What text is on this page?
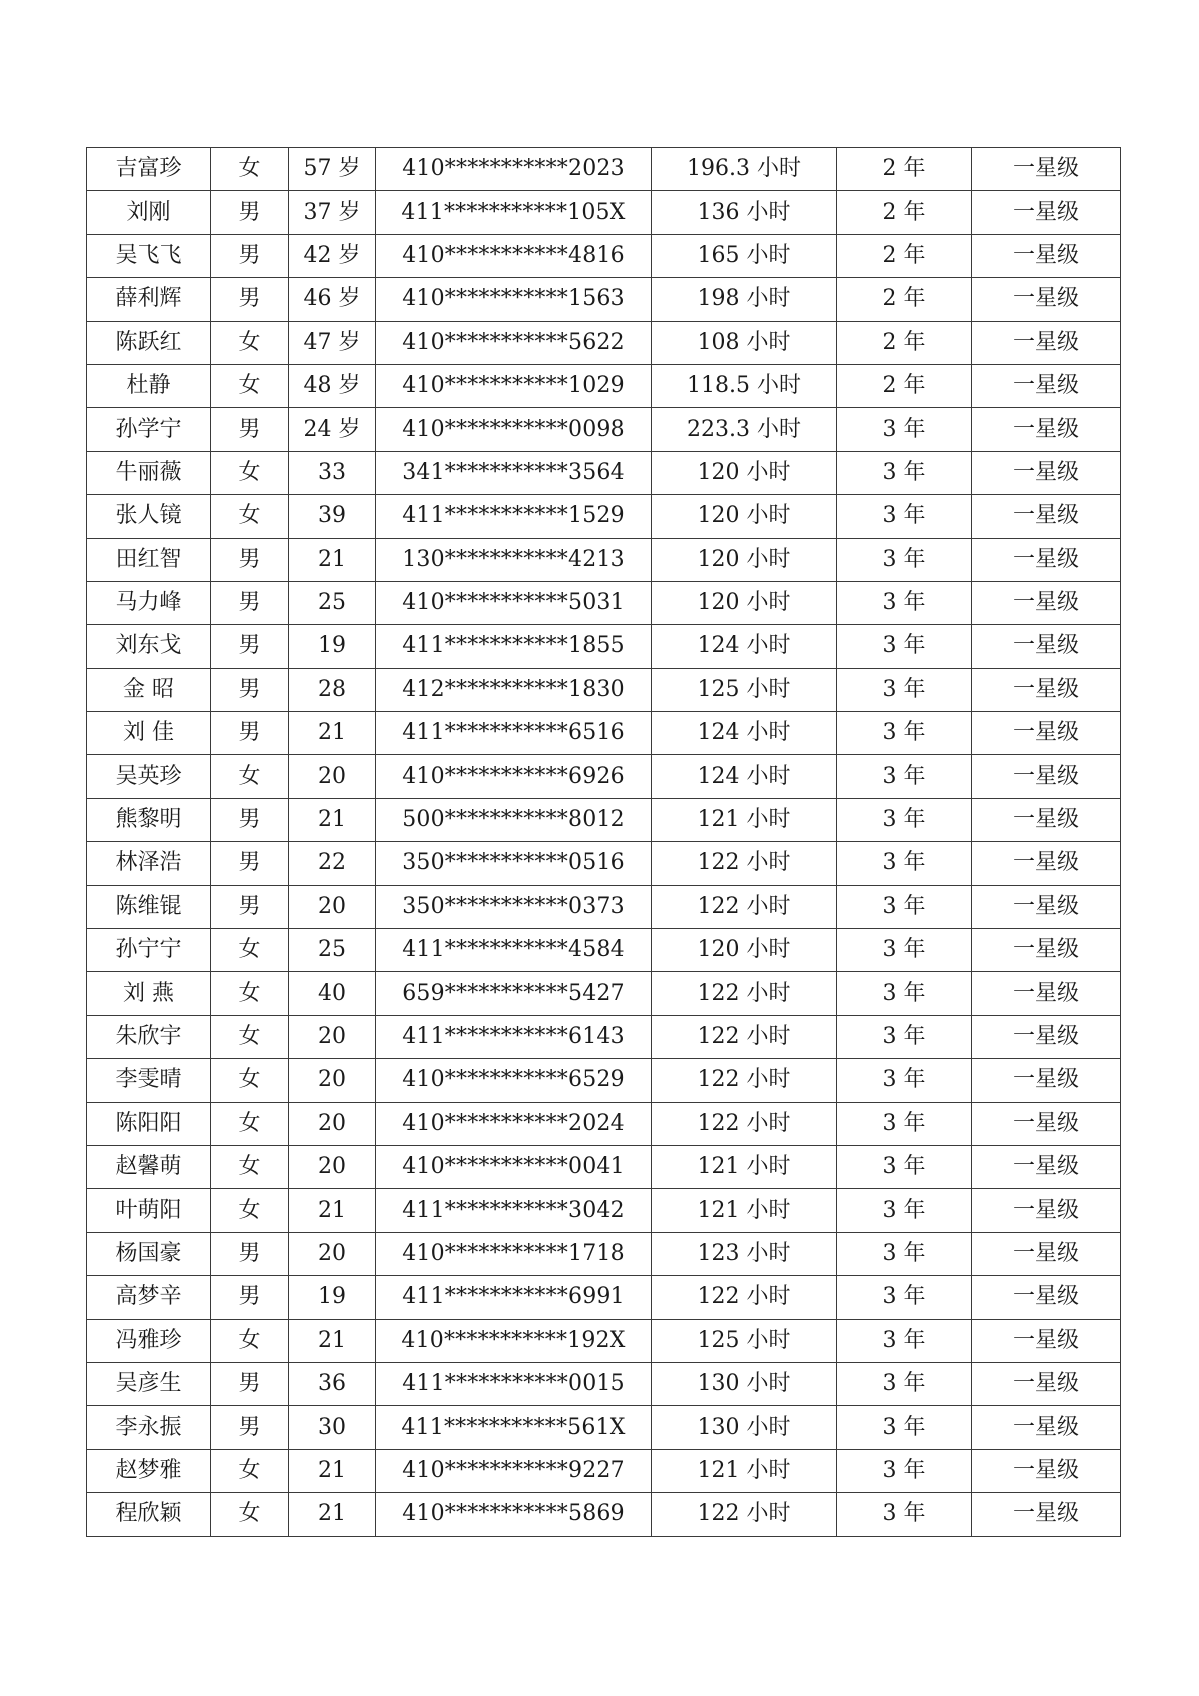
吉富珍	女	57 岁	410***********2023	196.3 小时	2 年	一星级
刘刚	男	37 岁	411***********105X	136 小时	2 年	一星级
吴飞飞	男	42 岁	410***********4816	165 小时	2 年	一星级
薛利辉	男	46 岁	410***********1563	198 小时	2 年	一星级
陈跃红	女	47 岁	410***********5622	108 小时	2 年	一星级
杜静	女	48 岁	410***********1029	118.5 小时	2 年	一星级
孙学宁	男	24 岁	410***********0098	223.3 小时	3 年	一星级
牛丽薇	女	33	341***********3564	120 小时	3 年	一星级
张人镜	女	39	411***********1529	120 小时	3 年	一星级
田红智	男	21	130***********4213	120 小时	3 年	一星级
马力峰	男	25	410***********5031	120 小时	3 年	一星级
刘东戈	男	19	411***********1855	124 小时	3 年	一星级
金 昭	男	28	412***********1830	125 小时	3 年	一星级
刘 佳	男	21	411***********6516	124 小时	3 年	一星级
吴英珍	女	20	410***********6926	124 小时	3 年	一星级
熊黎明	男	21	500***********8012	121 小时	3 年	一星级
林泽浩	男	22	350***********0516	122 小时	3 年	一星级
陈维锟	男	20	350***********0373	122 小时	3 年	一星级
孙宁宁	女	25	411***********4584	120 小时	3 年	一星级
刘 燕	女	40	659***********5427	122 小时	3 年	一星级
朱欣宇	女	20	411***********6143	122 小时	3 年	一星级
李雯晴	女	20	410***********6529	122 小时	3 年	一星级
陈阳阳	女	20	410***********2024	122 小时	3 年	一星级
赵馨萌	女	20	410***********0041	121 小时	3 年	一星级
叶萌阳	女	21	411***********3042	121 小时	3 年	一星级
杨国豪	男	20	410***********1718	123 小时	3 年	一星级
高梦辛	男	19	411***********6991	122 小时	3 年	一星级
冯雅珍	女	21	410***********192X	125 小时	3 年	一星级
吴彦生	男	36	411***********0015	130 小时	3 年	一星级
李永振	男	30	411***********561X	130 小时	3 年	一星级
赵梦雅	女	21	410***********9227	121 小时	3 年	一星级
程欣颖	女	21	410***********5869	122 小时	3 年	一星级
